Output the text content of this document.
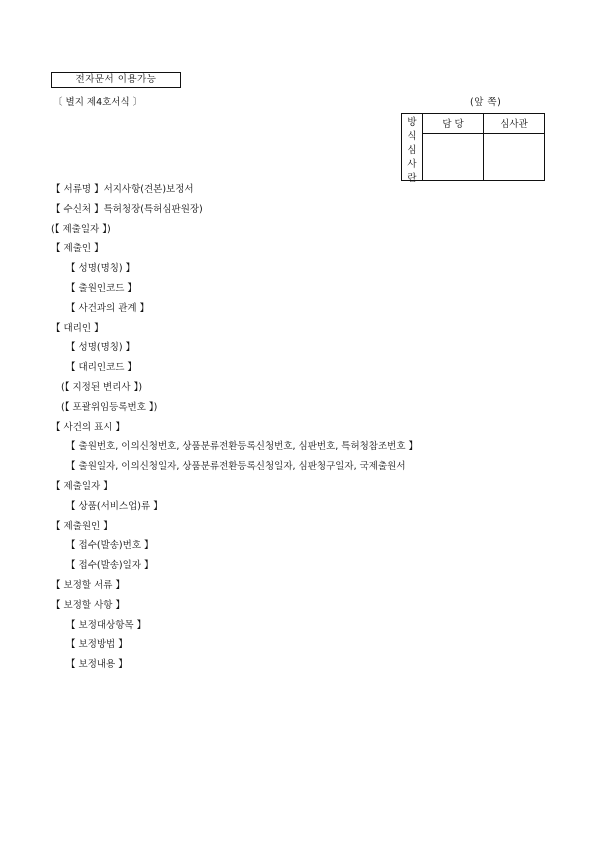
전자문서 이용가능
〔 별지 제4호서식 〕	(앞 쪽)
방
식
심
사
란	담 당	심사관

【 서류명 】서지사항(견본)보정서
【 수신처 】특허청장(특허심판원장)
(【 제출일자 】)
【 제출인 】
【 성명(명칭) 】
【 출원인코드 】
【 사건과의 관계 】
【 대리인 】
【 성명(명칭) 】
【 대리인코드 】
(【 지정된 변리사 】)
(【 포괄위임등록번호 】)
【 사건의 표시 】
【 출원번호, 이의신청번호, 상품분류전환등록신청번호, 심판번호, 특허청참조번호 】
【 출원일자, 이의신청일자, 상품분류전환등록신청일자, 심판청구일자, 국제출원서
【 제출일자 】
【 상품(서비스업)류 】
【 제출원인 】
【 접수(발송)번호 】
【 접수(발송)일자 】
【 보정할 서류 】
【 보정할 사항 】
【 보정대상항목 】
【 보정방법 】
【 보정내용 】
